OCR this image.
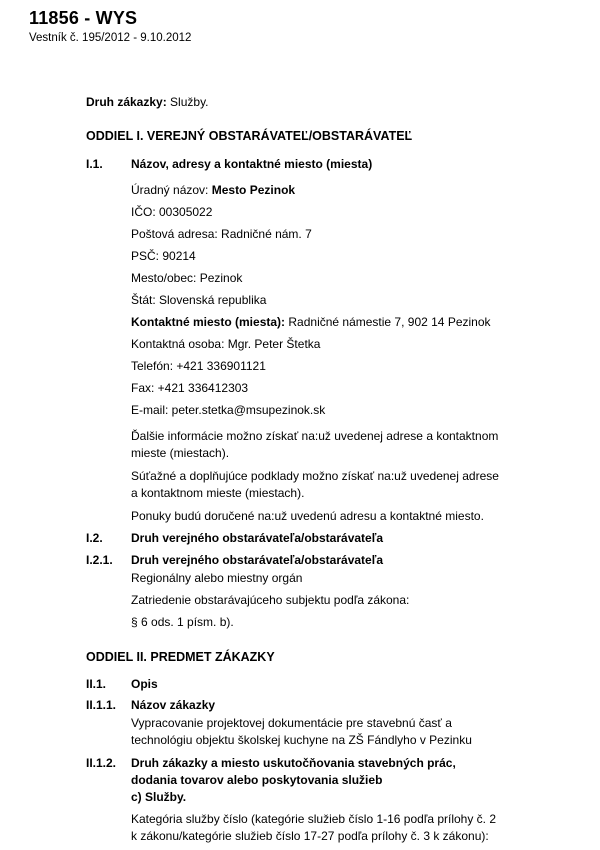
11856 - WYS
Vestník č. 195/2012 - 9.10.2012
Druh zákazky: Služby.
ODDIEL I. VEREJNÝ OBSTARÁVATEĽ/OBSTARÁVATEĽ
I.1. Názov, adresy a kontaktné miesto (miesta)
Úradný názov: Mesto Pezinok
IČO: 00305022
Poštová adresa: Radničné nám. 7
PSČ: 90214
Mesto/obec: Pezinok
Štát: Slovenská republika
Kontaktné miesto (miesta): Radničné námestie 7, 902 14 Pezinok
Kontaktná osoba: Mgr. Peter Štetka
Telefón: +421 336901121
Fax: +421 336412303
E-mail: peter.stetka@msupezinok.sk
Ďalšie informácie možno získať na:už uvedenej adrese a kontaktnom
mieste (miestach).
Súťažné a doplňujúce podklady možno získať na:už uvedenej adrese
a kontaktnom mieste (miestach).
Ponuky budú doručené na:už uvedenú adresu a kontaktné miesto.
I.2. Druh verejného obstarávateľa/obstarávateľa
I.2.1. Druh verejného obstarávateľa/obstarávateľa
Regionálny alebo miestny orgán
Zatriedenie obstarávajúceho subjektu podľa zákona:
§ 6 ods. 1 písm. b).
ODDIEL II. PREDMET ZÁKAZKY
II.1. Opis
II.1.1. Názov zákazky
Vypracovanie projektovej dokumentácie pre stavebnú časť a
technológiu objektu školskej kuchyne na ZŠ Fándlyho v Pezinku
II.1.2. Druh zákazky a miesto uskutočňovania stavebných prác,
dodania tovarov alebo poskytovania služieb
c) Služby.
Kategória služby číslo (kategórie služieb číslo 1-16 podľa prílohy č. 2
k zákonu/kategórie služieb číslo 17-27 podľa prílohy č. 3 k zákonu):
